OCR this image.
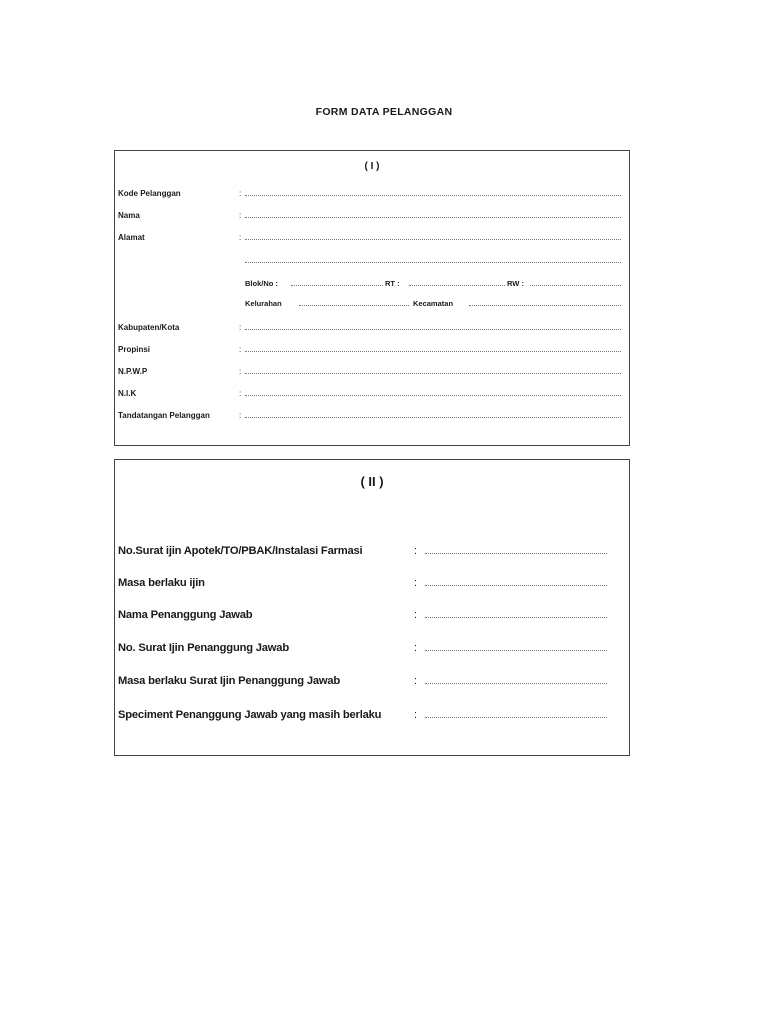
FORM DATA PELANGGAN
( I )
Kode Pelanggan	:
Nama	:
Alamat	:
Blok/No :	RT :	RW :
Kelurahan	Kecamatan
Kabupaten/Kota	:
Propinsi	:
N.P.W.P	:
N.I.K	:
Tandatangan Pelanggan	:
( II )
No.Surat ijin Apotek/TO/PBAK/Instalasi Farmasi	:
Masa berlaku ijin	:
Nama Penanggung Jawab	:
No. Surat Ijin Penanggung Jawab	:
Masa berlaku Surat Ijin Penanggung Jawab	:
Speciment Penanggung Jawab yang masih berlaku	:
